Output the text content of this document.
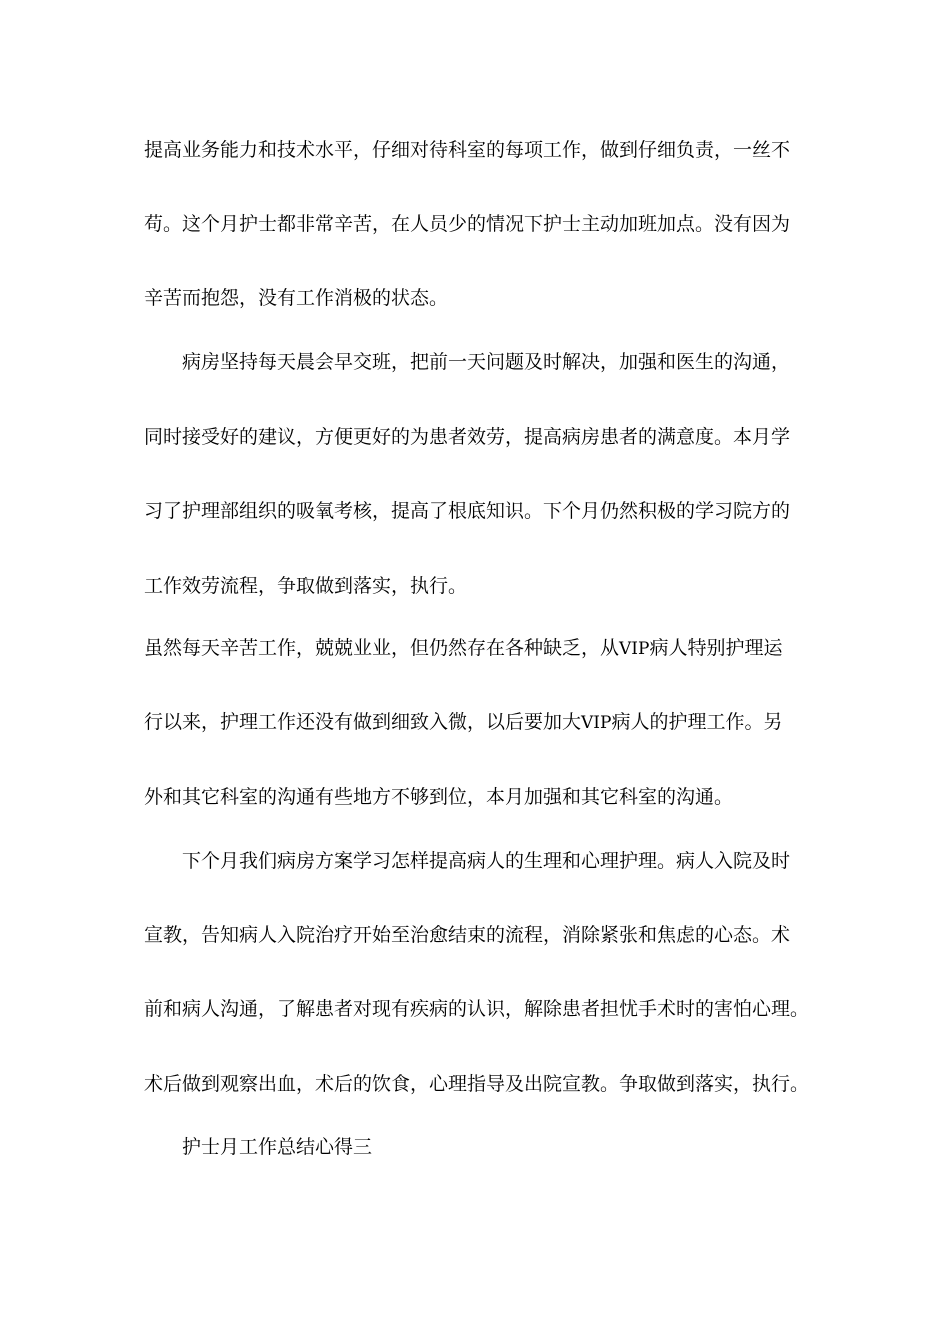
提高业务能力和技术水平，仔细对待科室的每项工作，做到仔细负责，一丝不
苟。这个月护士都非常辛苦，在人员少的情况下护士主动加班加点。没有因为
辛苦而抱怨，没有工作消极的状态。
病房坚持每天晨会早交班，把前一天问题及时解决，加强和医生的沟通，
同时接受好的建议，方便更好的为患者效劳，提高病房患者的满意度。本月学
习了护理部组织的吸氧考核，提高了根底知识。下个月仍然积极的学习院方的
工作效劳流程，争取做到落实，执行。
虽然每天辛苦工作，兢兢业业，但仍然存在各种缺乏，从VIP病人特别护理运
行以来，护理工作还没有做到细致入微，以后要加大VIP病人的护理工作。另
外和其它科室的沟通有些地方不够到位，本月加强和其它科室的沟通。
下个月我们病房方案学习怎样提高病人的生理和心理护理。病人入院及时
宣教，告知病人入院治疗开始至治愈结束的流程，消除紧张和焦虑的心态。术
前和病人沟通，了解患者对现有疾病的认识，解除患者担忧手术时的害怕心理。
术后做到观察出血，术后的饮食，心理指导及出院宣教。争取做到落实，执行。
护士月工作总结心得三
